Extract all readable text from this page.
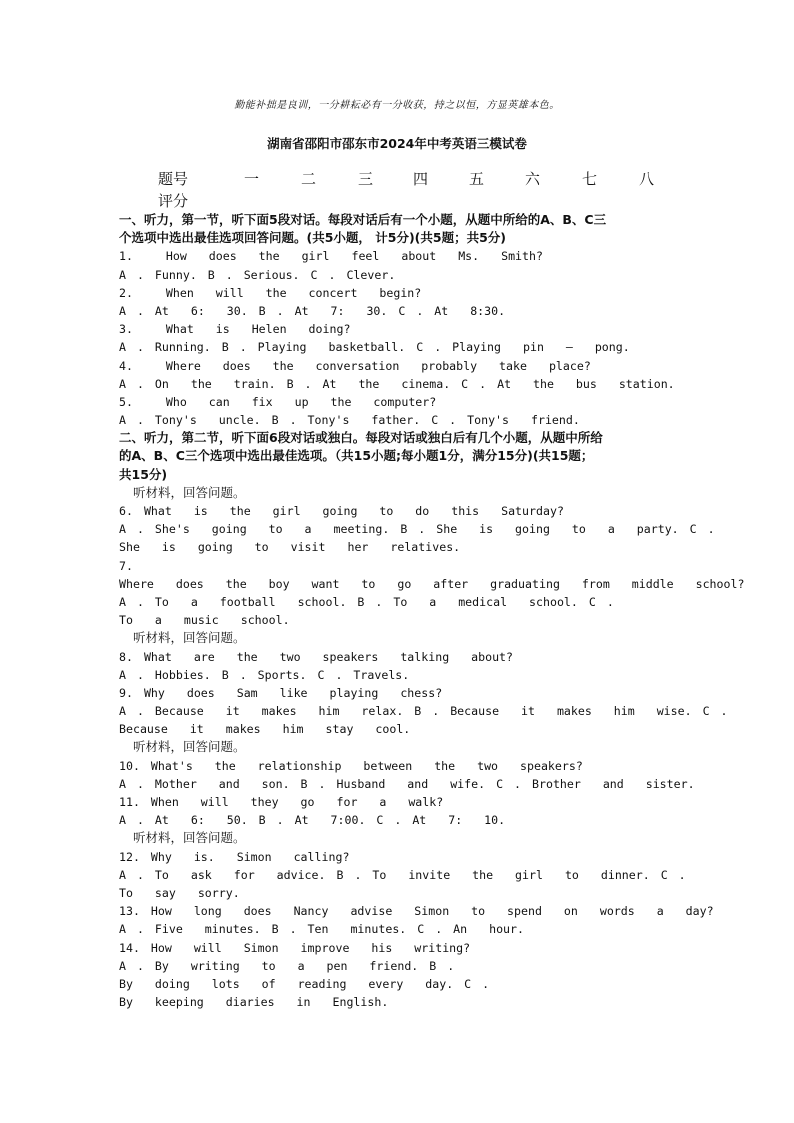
勤能补拙是良训，一分耕耘必有一分收获，持之以恒，方显英雄本色。
湖南省邵阳市邵东市2024年中考英语三模试卷
题号	一	二	三	四	五	六	七	八
评分
一、听力，第一节，听下面5段对话。每段对话后有一个小题，从题中所给的A、B、C三
个选项中选出最佳选项回答问题。(共5小题， 计5分)(共5题；共5分)
1.   How  does  the  girl  feel  about  Ms.  Smith?
A . Funny. B . Serious. C . Clever.
2.   When  will  the  concert  begin?
A . At  6:  30. B . At  7:  30. C . At  8:30.
3.   What  is  Helen  doing?
A . Running. B . Playing  basketball. C . Playing  pin  –  pong.
4.   Where  does  the  conversation  probably  take  place?
A . On  the  train. B . At  the  cinema. C . At  the  bus  station.
5.   Who  can  fix  up  the  computer?
A . Tony's  uncle. B . Tony's  father. C . Tony's  friend.
二、听力，第二节，听下面6段对话或独白。每段对话或独白后有几个小题，从题中所给
的A、B、C三个选项中选出最佳选项。（共15小题;每小题1分，满分15分)(共15题；
共15分)
听材料，回答问题。
6. What  is  the  girl  going  to  do  this  Saturday?
A . She's  going  to  a  meeting. B . She  is  going  to  a  party. C .
She  is  going  to  visit  her  relatives.
7.
Where  does  the  boy  want  to  go  after  graduating  from  middle  school?
A . To  a  football  school. B . To  a  medical  school. C .
To  a  music  school.
听材料，回答问题。
8. What  are  the  two  speakers  talking  about?
A . Hobbies. B . Sports. C . Travels.
9. Why  does  Sam  like  playing  chess?
A . Because  it  makes  him  relax. B . Because  it  makes  him  wise. C .
Because  it  makes  him  stay  cool.
听材料，回答问题。
10. What's  the  relationship  between  the  two  speakers?
A . Mother  and  son. B . Husband  and  wife. C . Brother  and  sister.
11. When  will  they  go  for  a  walk?
A . At  6:  50. B . At  7:00. C . At  7:  10.
听材料，回答问题。
12. Why  is.  Simon  calling?
A . To  ask  for  advice. B . To  invite  the  girl  to  dinner. C .
To  say  sorry.
13. How  long  does  Nancy  advise  Simon  to  spend  on  words  a  day?
A . Five  minutes. B . Ten  minutes. C . An  hour.
14. How  will  Simon  improve  his  writing?
A . By  writing  to  a  pen  friend. B .
By  doing  lots  of  reading  every  day. C .
By  keeping  diaries  in  English.
